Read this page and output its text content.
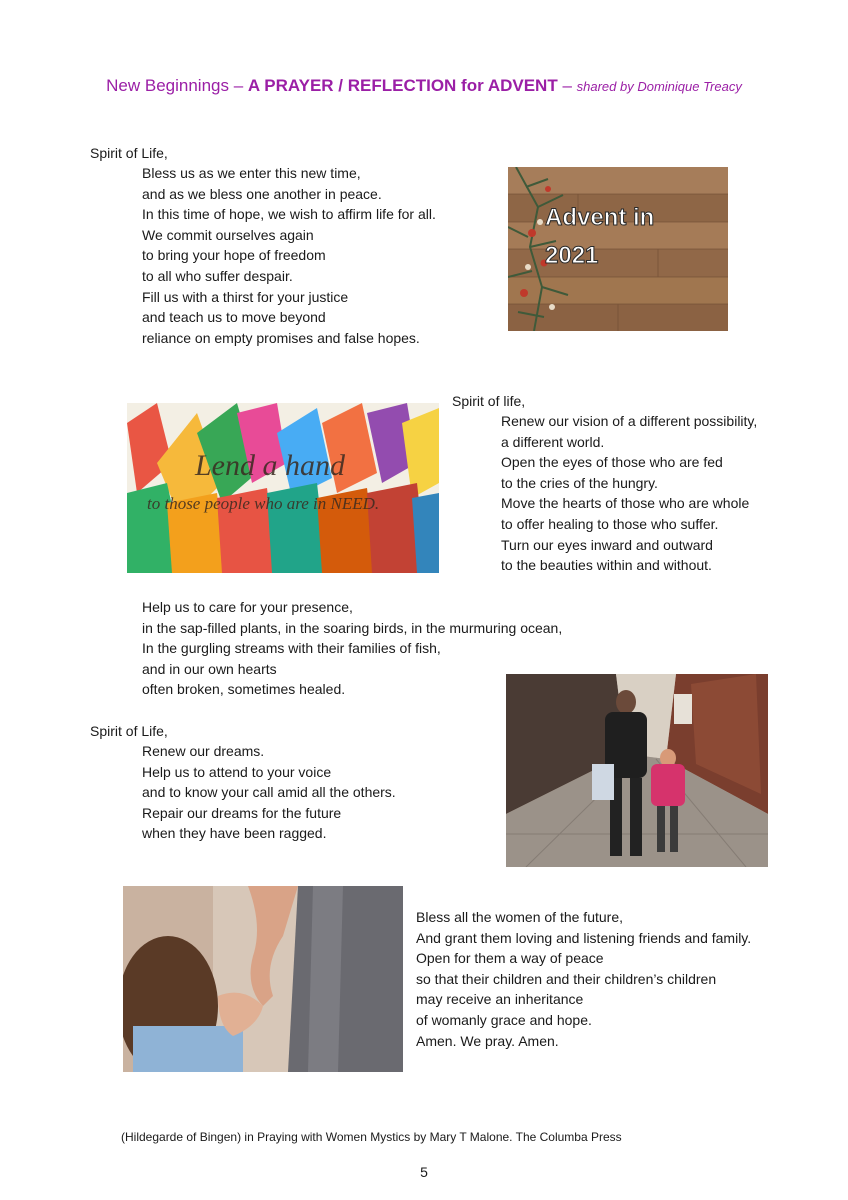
New Beginnings – A PRAYER / REFLECTION for ADVENT – shared by Dominique Treacy
Spirit of Life,
Bless us as we enter this new time,
and as we bless one another in peace.
In this time of hope, we wish to affirm life for all.
We commit ourselves again
to bring your hope of freedom
to all who suffer despair.
Fill us with a thirst for your justice
and teach us to move beyond
reliance on empty promises and false hopes.
Advent in
2021
Spirit of life,
Renew our vision of a different possibility,
a different world.
Open the eyes of those who are fed
to the cries of the hungry.
Move the hearts of those who are whole
to offer healing to those who suffer.
Turn our eyes inward and outward
to the beauties within and without.
Lend a hand
to those people who are in NEED.
Help us to care for your presence,
in the sap-filled plants, in the soaring birds, in the murmuring ocean,
In the gurgling streams with their families of fish,
and in our own hearts
often broken, sometimes healed.
Spirit of Life,
Renew our dreams.
Help us to attend to your voice
and to know your call amid all the others.
Repair our dreams for the future
when they have been ragged.
Bless all the women of the future,
And grant them loving and listening friends and family.
Open for them a way of peace
so that their children and their children’s children
may receive an inheritance
of womanly grace and hope.
Amen. We pray. Amen.
(Hildegarde of Bingen) in Praying with Women Mystics by Mary T Malone. The Columba Press
5
